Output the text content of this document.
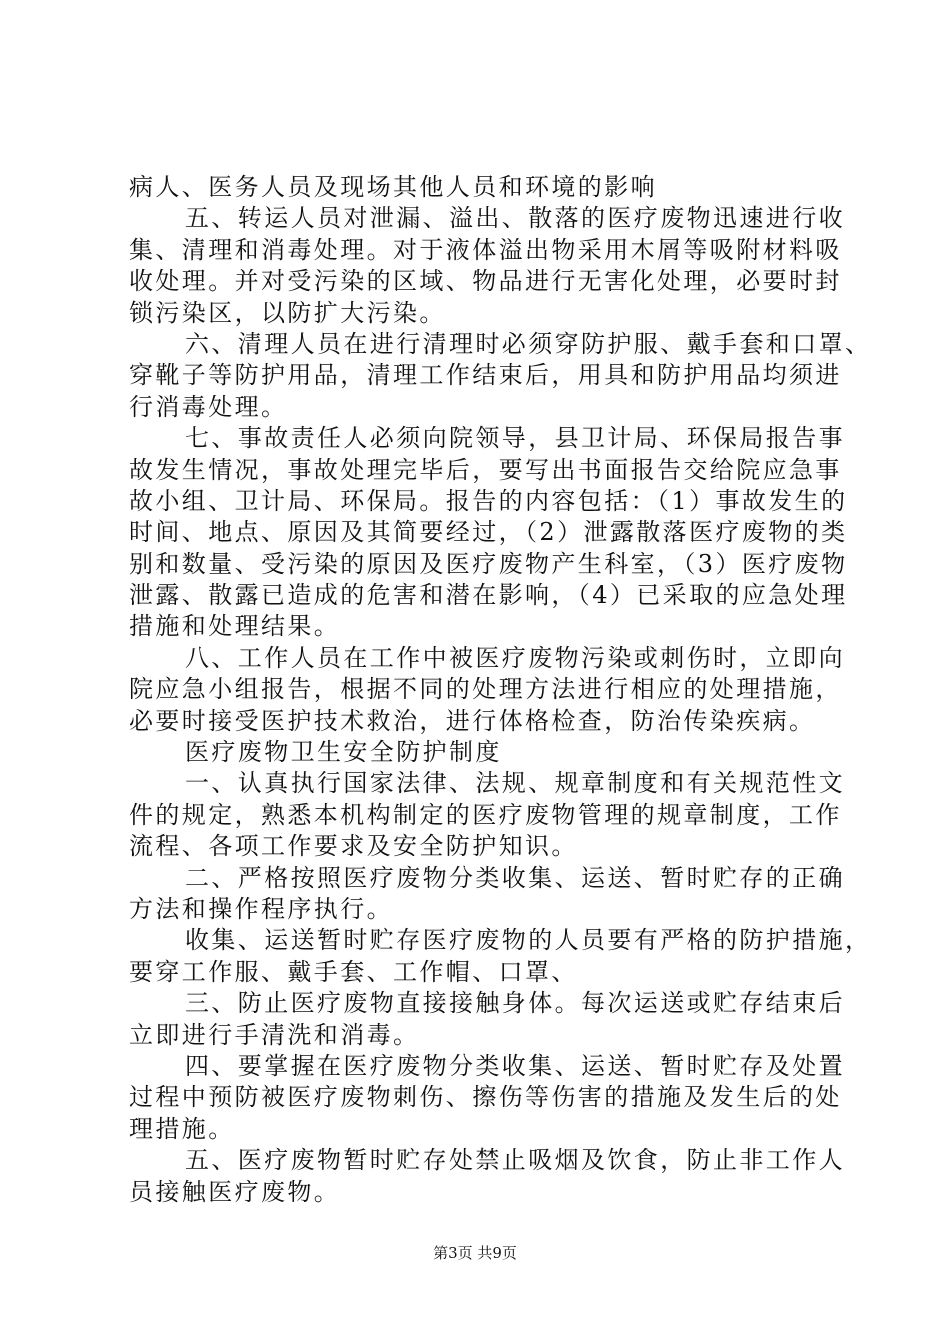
病人、医务人员及现场其他人员和环境的影响
五、转运人员对泄漏、溢出、散落的医疗废物迅速进行收
集、清理和消毒处理。对于液体溢出物采用木屑等吸附材料吸
收处理。并对受污染的区域、物品进行无害化处理，必要时封
锁污染区，以防扩大污染。
六、清理人员在进行清理时必须穿防护服、戴手套和口罩、
穿靴子等防护用品，清理工作结束后，用具和防护用品均须进
行消毒处理。
七、事故责任人必须向院领导，县卫计局、环保局报告事
故发生情况，事故处理完毕后，要写出书面报告交给院应急事
故小组、卫计局、环保局。报告的内容包括：（1）事故发生的
时间、地点、原因及其简要经过，（2）泄露散落医疗废物的类
别和数量、受污染的原因及医疗废物产生科室，（3）医疗废物
泄露、散露已造成的危害和潜在影响，（4）已采取的应急处理
措施和处理结果。
八、工作人员在工作中被医疗废物污染或刺伤时，立即向
院应急小组报告，根据不同的处理方法进行相应的处理措施，
必要时接受医护技术救治，进行体格检查，防治传染疾病。
医疗废物卫生安全防护制度
一、认真执行国家法律、法规、规章制度和有关规范性文
件的规定，熟悉本机构制定的医疗废物管理的规章制度，工作
流程、各项工作要求及安全防护知识。
二、严格按照医疗废物分类收集、运送、暂时贮存的正确
方法和操作程序执行。
收集、运送暂时贮存医疗废物的人员要有严格的防护措施，
要穿工作服、戴手套、工作帽、口罩、
三、防止医疗废物直接接触身体。每次运送或贮存结束后
立即进行手清洗和消毒。
四、要掌握在医疗废物分类收集、运送、暂时贮存及处置
过程中预防被医疗废物刺伤、擦伤等伤害的措施及发生后的处
理措施。
五、医疗废物暂时贮存处禁止吸烟及饮食，防止非工作人
员接触医疗废物。
第3页 共9页
